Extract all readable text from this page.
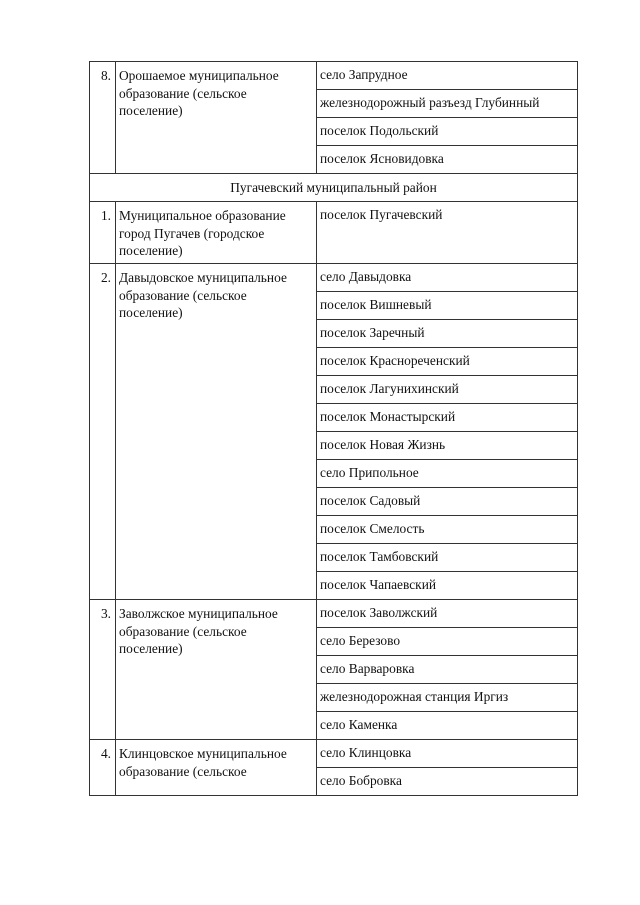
8.	Орошаемое муниципальное образование (сельское поселение)	село Запрудное
		железнодорожный разъезд Глубинный
		поселок Подольский
		поселок Ясновидовка
Пугачевский муниципальный район		
1.	Муниципальное образование город Пугачев (городское поселение)	поселок Пугачевский
2.	Давыдовское муниципальное образование (сельское поселение)	село Давыдовка
		поселок Вишневый
		поселок Заречный
		поселок Краснореченский
		поселок Лагунихинский
		поселок Монастырский
		поселок Новая Жизнь
		село Припольное
		поселок Садовый
		поселок Смелость
		поселок Тамбовский
		поселок Чапаевский
3.	Заволжское муниципальное образование (сельское поселение)	поселок Заволжский
		село Березово
		село Варваровка
		железнодорожная станция Иргиз
		село Каменка
4.	Клинцовское муниципальное образование (сельское	село Клинцовка
		село Бобровка
